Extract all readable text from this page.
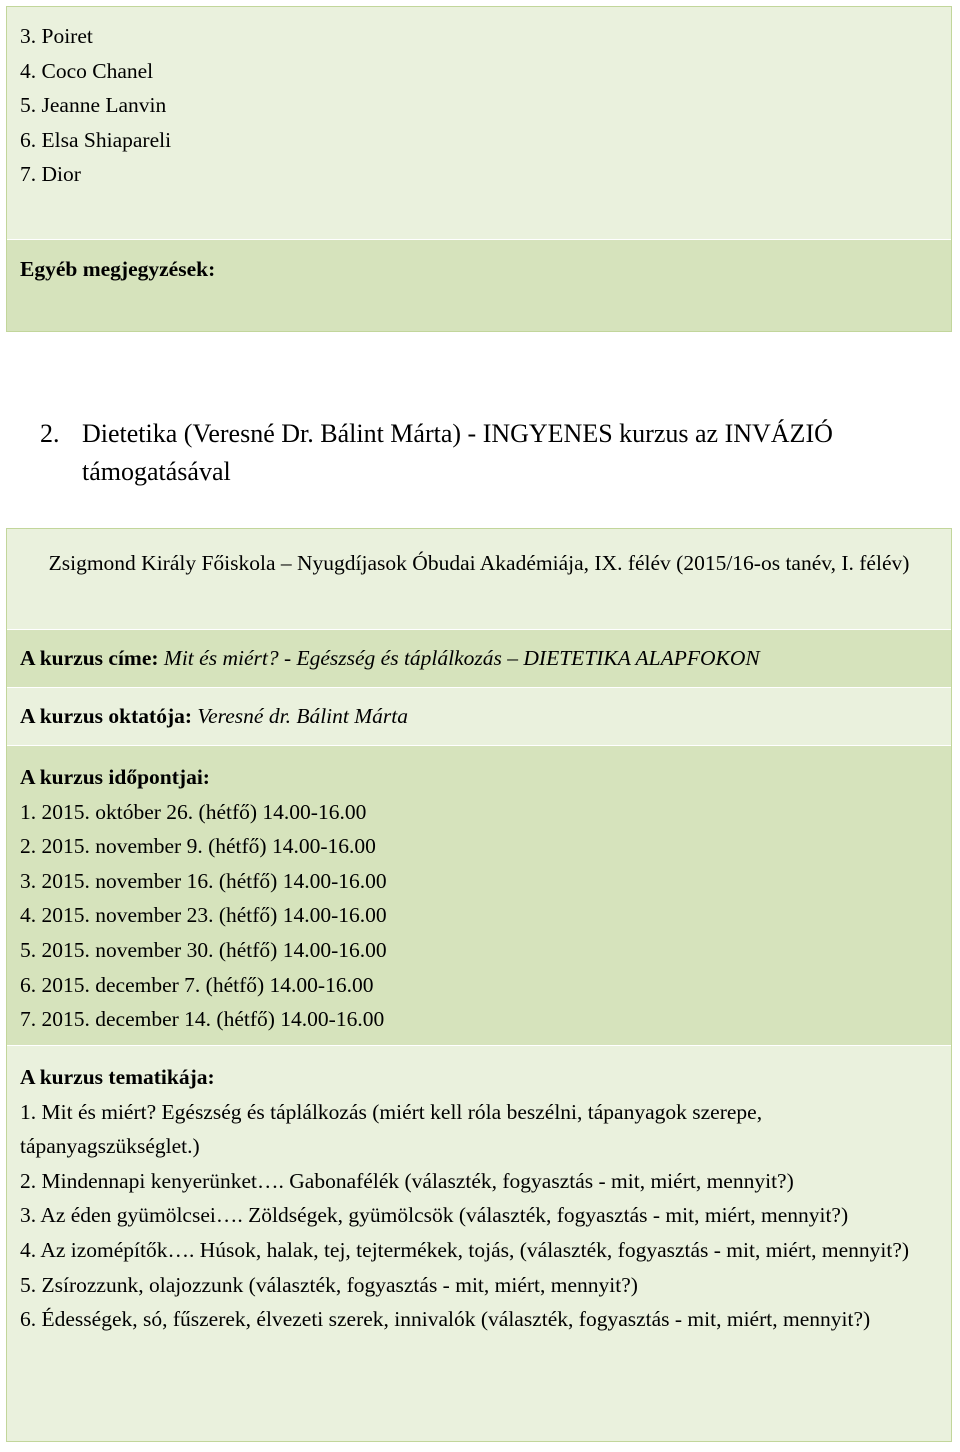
3. Poiret
4. Coco Chanel
5. Jeanne Lanvin
6. Elsa Shiapareli
7. Dior
Egyéb megjegyzések:
2. Dietetika (Veresné Dr. Bálint Márta) - INGYENES kurzus az INVÁZIÓ támogatásával
Zsigmond Király Főiskola – Nyugdíjasok Óbudai Akadémiája, IX. félév (2015/16-os tanév, I. félév)
A kurzus címe: Mit és miért? - Egészség és táplálkozás – DIETETIKA ALAPFOKON
A kurzus oktatója: Veresné dr. Bálint Márta
A kurzus időpontjai:
1. 2015. október 26. (hétfő) 14.00-16.00
2. 2015. november 9. (hétfő) 14.00-16.00
3. 2015. november 16. (hétfő) 14.00-16.00
4. 2015. november 23. (hétfő) 14.00-16.00
5. 2015. november 30. (hétfő) 14.00-16.00
6. 2015. december 7. (hétfő) 14.00-16.00
7. 2015. december 14. (hétfő) 14.00-16.00
A kurzus tematikája:
1. Mit és miért? Egészség és táplálkozás (miért kell róla beszélni, tápanyagok szerepe, tápanyagszükséglet.)
2. Mindennapi kenyerünket…. Gabonafélék (választék, fogyasztás - mit, miért, mennyit?)
3. Az éden gyümölcsei…. Zöldségek, gyümölcsök (választék, fogyasztás - mit, miért, mennyit?)
4. Az izomépítők…. Húsok, halak, tej, tejtermékek, tojás, (választék, fogyasztás - mit, miért, mennyit?)
5. Zsírozzunk, olajozzunk (választék, fogyasztás - mit, miért, mennyit?)
6. Édességek, só, fűszerek, élvezeti szerek, innivalók (választék, fogyasztás - mit, miért, mennyit?)
